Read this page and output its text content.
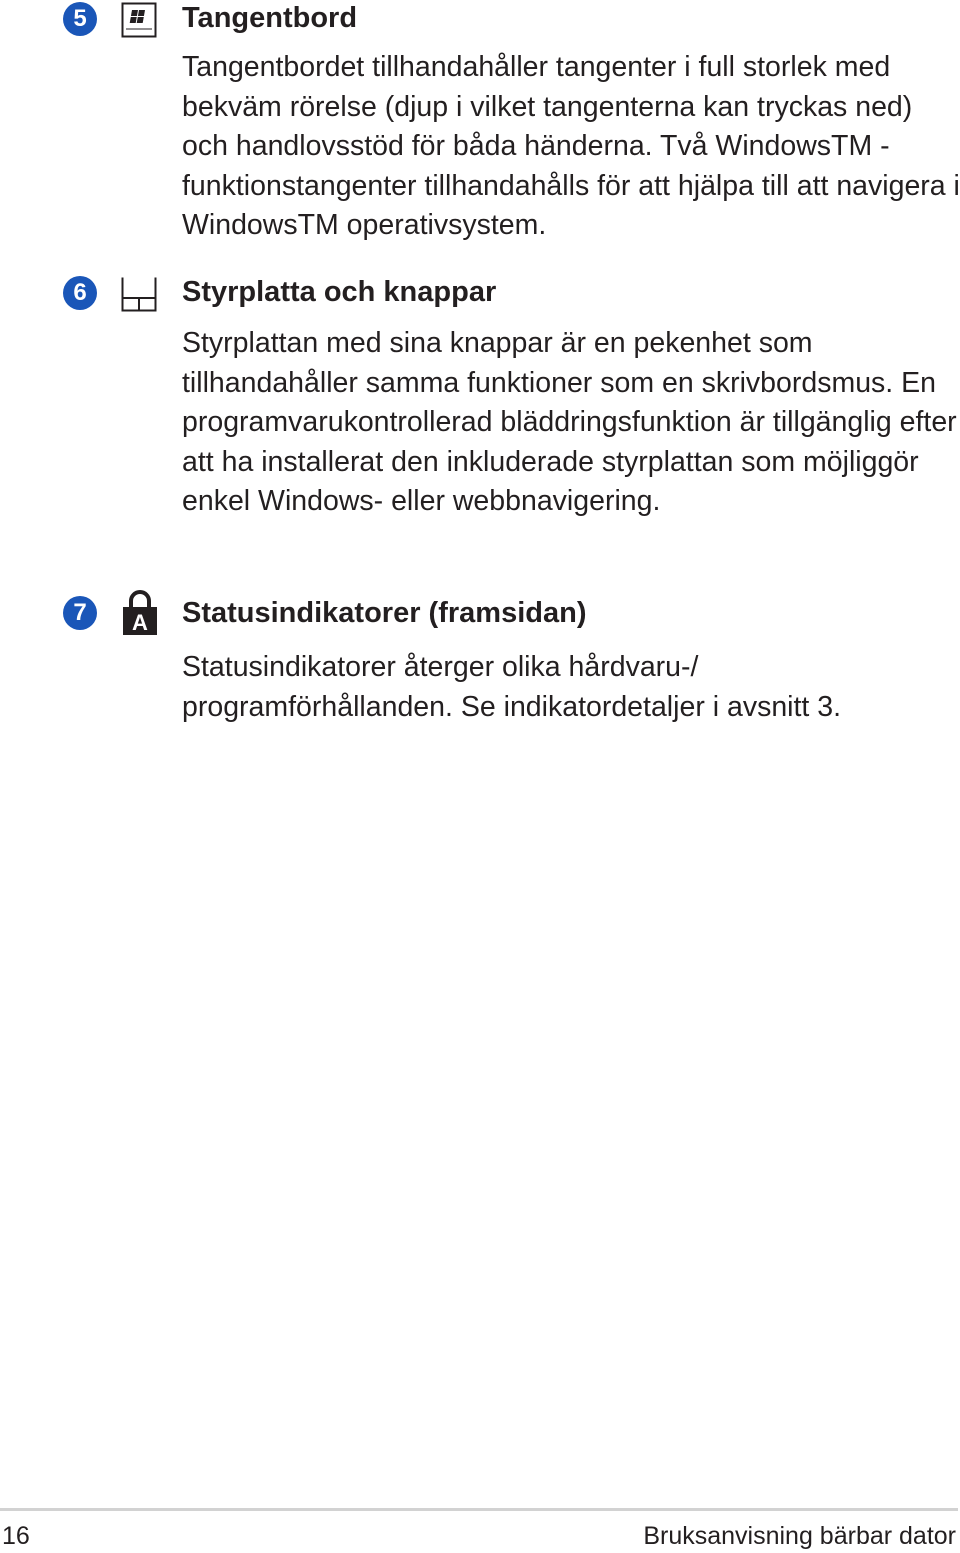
5	Tangentbord

Tangentbordet tillhandahåller tangenter i full storlek med bekväm rörelse (djup i vilket tangenterna kan tryckas ned) och handlovsstöd för båda händerna. Två WindowsTM -funktionstangenter tillhandahålls för att hjälpa till att navigera i WindowsTM operativsystem.

6	Styrplatta och knappar

Styrplattan med sina knappar är en pekenhet som tillhandahåller samma funktioner som en skrivbordsmus. En programvarukontrollerad bläddringsfunktion är tillgänglig efter att ha installerat den inkluderade styrplattan som möjliggör enkel Windows- eller webbnavigering.

7	A Statusindikatorer (framsidan)

Statusindikatorer återger olika hårdvaru-/ programförhållanden. Se indikatordetaljer i avsnitt 3.

16	Bruksanvisning bärbar dator
